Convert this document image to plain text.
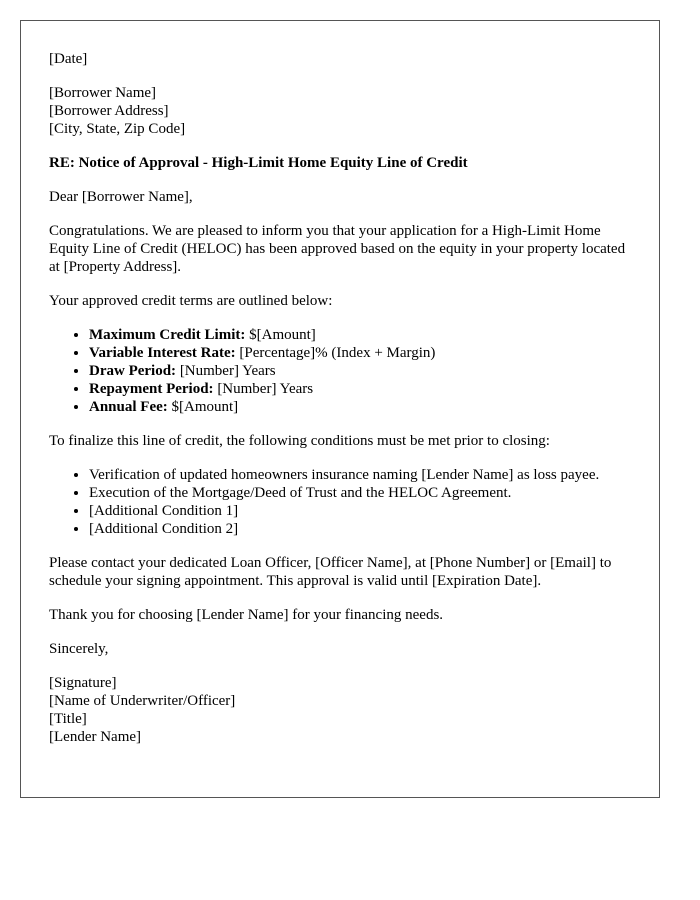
[Date]

[Borrower Name]
[Borrower Address]
[City, State, Zip Code]

RE: Notice of Approval - High-Limit Home Equity Line of Credit

Dear [Borrower Name],

Congratulations. We are pleased to inform you that your application for a High-Limit Home Equity Line of Credit (HELOC) has been approved based on the equity in your property located at [Property Address].

Your approved credit terms are outlined below:

• Maximum Credit Limit: $[Amount]
• Variable Interest Rate: [Percentage]% (Index + Margin)
• Draw Period: [Number] Years
• Repayment Period: [Number] Years
• Annual Fee: $[Amount]

To finalize this line of credit, the following conditions must be met prior to closing:

• Verification of updated homeowners insurance naming [Lender Name] as loss payee.
• Execution of the Mortgage/Deed of Trust and the HELOC Agreement.
• [Additional Condition 1]
• [Additional Condition 2]

Please contact your dedicated Loan Officer, [Officer Name], at [Phone Number] or [Email] to schedule your signing appointment. This approval is valid until [Expiration Date].

Thank you for choosing [Lender Name] for your financing needs.

Sincerely,

[Signature]
[Name of Underwriter/Officer]
[Title]
[Lender Name]
